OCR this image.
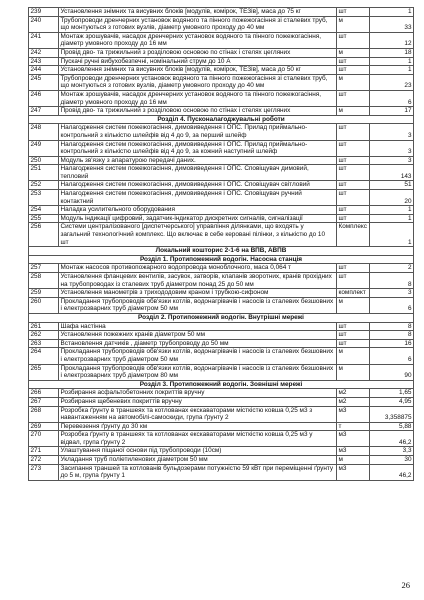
239	Установлення знімних та висувних блоків [модулів, комірок, ТЕЗів], маса до 75 кг	шт	1
240	Трубопроводи дренчерних установок водяного та пінного пожежогасіння зі сталевих труб, що монтуються з готових вузлів, діаметр умовного проходу до 40 мм	м	33
241	Монтаж зрошувачів, насадок дренчерних установок водяного та пінного пожежогасіння, діаметр умовного проходу до 16 мм	шт	12
242	Провід дво- та трижильний з розділовою основою по стінах і стелях цегляних	м	18
243	Пускачі ручні вибухобезпечні, номінальний струм до 10 А	шт	1
244	Установлення знімних та висувних блоків [модулів, комірок, ТЕЗів], маса до 50 кг	шт	1
245	Трубопроводи дренчерних установок водяного та пінного пожежогасіння зі сталевих труб, що монтуються з готових вузлів, діаметр умовного проходу до 40 мм	м	23
246	Монтаж зрошувачів, насадок дренчерних установок водяного та пінного пожежогасіння, діаметр умовного проходу до 16 мм	шт	6
247	Провід дво- та трижильний з розділовою основою по стінах і стелях цегляних	м	17
Розділ 4. Пусконалагоджувальні роботи			
248	Налагодження систем пожежогасіння, димовиведення і ОПС. Прилад приймально-контрольний з кількістю шлейфів від 4 до 9, за перший шлейф	шт	3
249	Налагодження систем пожежогасіння, димовиведення і ОПС. Прилад приймально-контрольний з кількістю шлейфів від 4 до 9, за кожний наступний шлейф	шт	3
250	Модуль зв'язку з апаратурою передачі даних.	шт	3
251	Налагодження систем пожежогасіння, димовиведення і ОПС. Сповіщувач димовий, тепловий	шт	143
252	Налагодження систем пожежогасіння, димовиведення і ОПС. Сповіщувач світловий	шт	51
253	Налагодження систем пожежогасіння, димовиведення і ОПС. Сповіщувач ручний контактний	шт	20
254	Наладка усилительного оборудования	шт	1
255	Модуль індикації цифровий, задатчик-індикатор дискретних сигналів, сигналізації	шт	1
256	Системи централізованого [диспетчерського] управління ділянками, що входять у загальний технологічний комплекс. Що включає в себе керовані пілінки, з кількістю до 10 шт	Комплекс	1
Локальний кошторис 2-1-6 на ВПВ, АВПВ			
Розділ 1. Протипожежний водогін. Насосна станція			
257	Монтаж насосов противопожарного водопровода моноблочного, маса 0,064 т	шт	2
258	Установлення фланцевих вентилів, засувок, затворів, клапанів зворотних, кранів прохідних на трубопроводах із сталевих труб діаметром понад 25 до 50 мм	шт	8
259	Установлення манометрів з трихододовим краном і трубкою-сифоном	комплект	3
260	Прокладання трубопроводів обв'язки котлів, водонагрівачів і насосів із сталевих безшовних і електрозварних труб діаметром 50 мм	м	6
Розділ 2. Протипожежний водогін. Внутрішні мережі			
261	Шафа настінна	шт	8
262	Установлення пожежних кранів діаметром 50 мм	шт	8
263	Встановлення датчиків , діаметр трубопроводу до 50 мм	шт	16
264	Прокладання трубопроводів обв'язки котлів, водонагрівачів і насосів із сталевих безшовних і електрозварних труб діаметром 50 мм	м	6
265	Прокладання трубопроводів обв'язки котлів, водонагрівачів і насосів із сталевих безшовних і електрозварних труб діаметром 80 мм	м	90
Розділ 3. Протипожежний водогін. Зовнішні мережі			
266	Розбирання асфальтобетонних покриттів вручну	м2	1,65
267	Розбирання щебеневих покриттів вручну	м2	4,95
268	Розробка ґрунту в траншеях та котлованах екскаваторами місткістю ковша 0,25 м3 з навантаженням на автомобілі-самоскиди, група ґрунту 2	м3	3,358875
269	Перевезення ґрунту до 30 км	т	5,88
270	Розробка ґрунту в траншеях та котлованах екскаваторами місткістю ковша 0,25 м3 у відвал, група ґрунту 2	м3	46,2
271	Улаштування піщаної основи під трубопроводи (10см)	м3	3,3
272	Укладання труб поліетиленових діаметром 50 мм	м	30
273	Засипання траншей та котлованів бульдозерами потужністю 59 кВт при переміщенні ґрунту до 5 м, група ґрунту 1	м3	46,2
26
